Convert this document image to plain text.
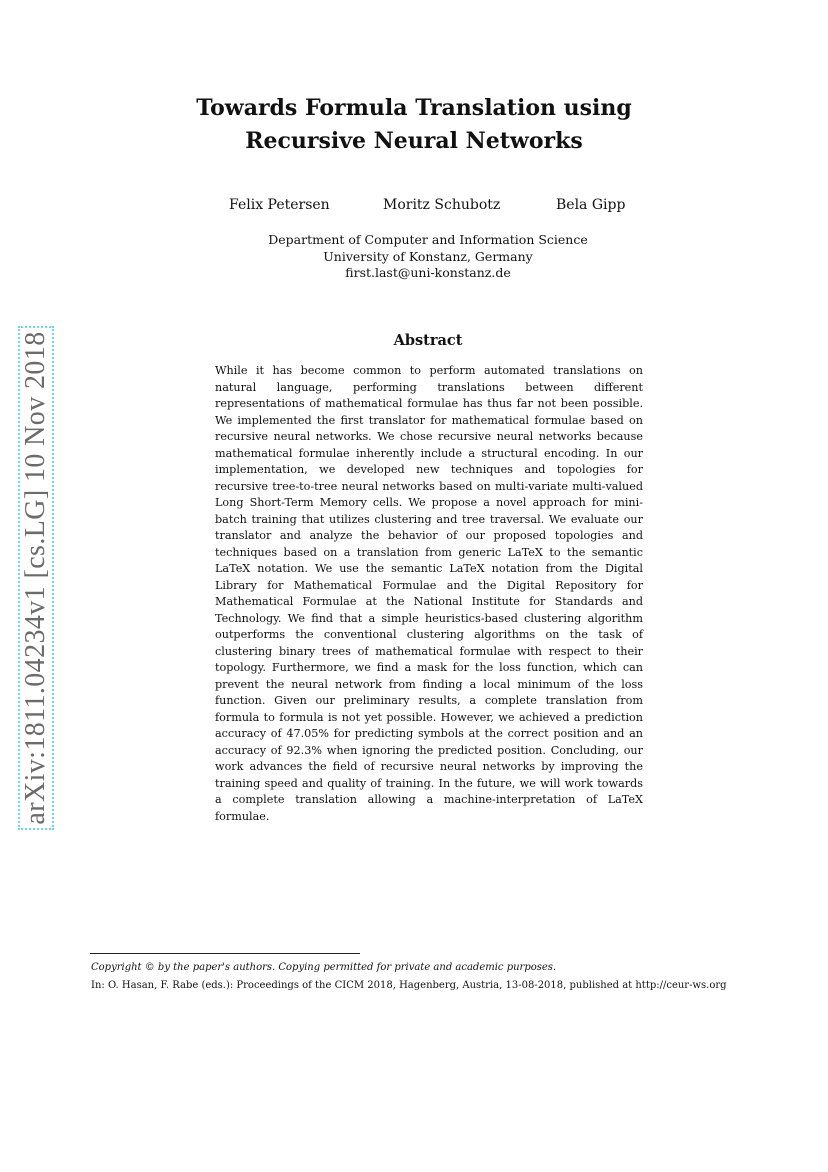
arXiv:1811.04234v1 [cs.LG] 10 Nov 2018
Towards Formula Translation using
Recursive Neural Networks
Felix Petersen	Moritz Schubotz	Bela Gipp
Department of Computer and Information Science
University of Konstanz, Germany
first.last@uni-konstanz.de
Abstract

While it has become common to perform automated translations on natural language, performing translations between different representations of mathematical formulae has thus far not been possible. We implemented the first translator for mathematical formulae based on recursive neural networks. We chose recursive neural networks because mathematical formulae inherently include a structural encoding. In our implementation, we developed new techniques and topologies for recursive tree-to-tree neural networks based on multi-variate multi-valued Long Short-Term Memory cells. We propose a novel approach for mini-batch training that utilizes clustering and tree traversal. We evaluate our translator and analyze the behavior of our proposed topologies and techniques based on a translation from generic LaTeX to the semantic LaTeX notation. We use the semantic LaTeX notation from the Digital Library for Mathematical Formulae and the Digital Repository for Mathematical Formulae at the National Institute for Standards and Technology. We find that a simple heuristics-based clustering algorithm outperforms the conventional clustering algorithms on the task of clustering binary trees of mathematical formulae with respect to their topology. Furthermore, we find a mask for the loss function, which can prevent the neural network from finding a local minimum of the loss function. Given our preliminary results, a complete translation from formula to formula is not yet possible. However, we achieved a prediction accuracy of 47.05% for predicting symbols at the correct position and an accuracy of 92.3% when ignoring the predicted position. Concluding, our work advances the field of recursive neural networks by improving the training speed and quality of training. In the future, we will work towards a complete translation allowing a machine-interpretation of LaTeX formulae.

Copyright © by the paper's authors. Copying permitted for private and academic purposes.
In: O. Hasan, F. Rabe (eds.): Proceedings of the CICM 2018, Hagenberg, Austria, 13-08-2018, published at http://ceur-ws.org
